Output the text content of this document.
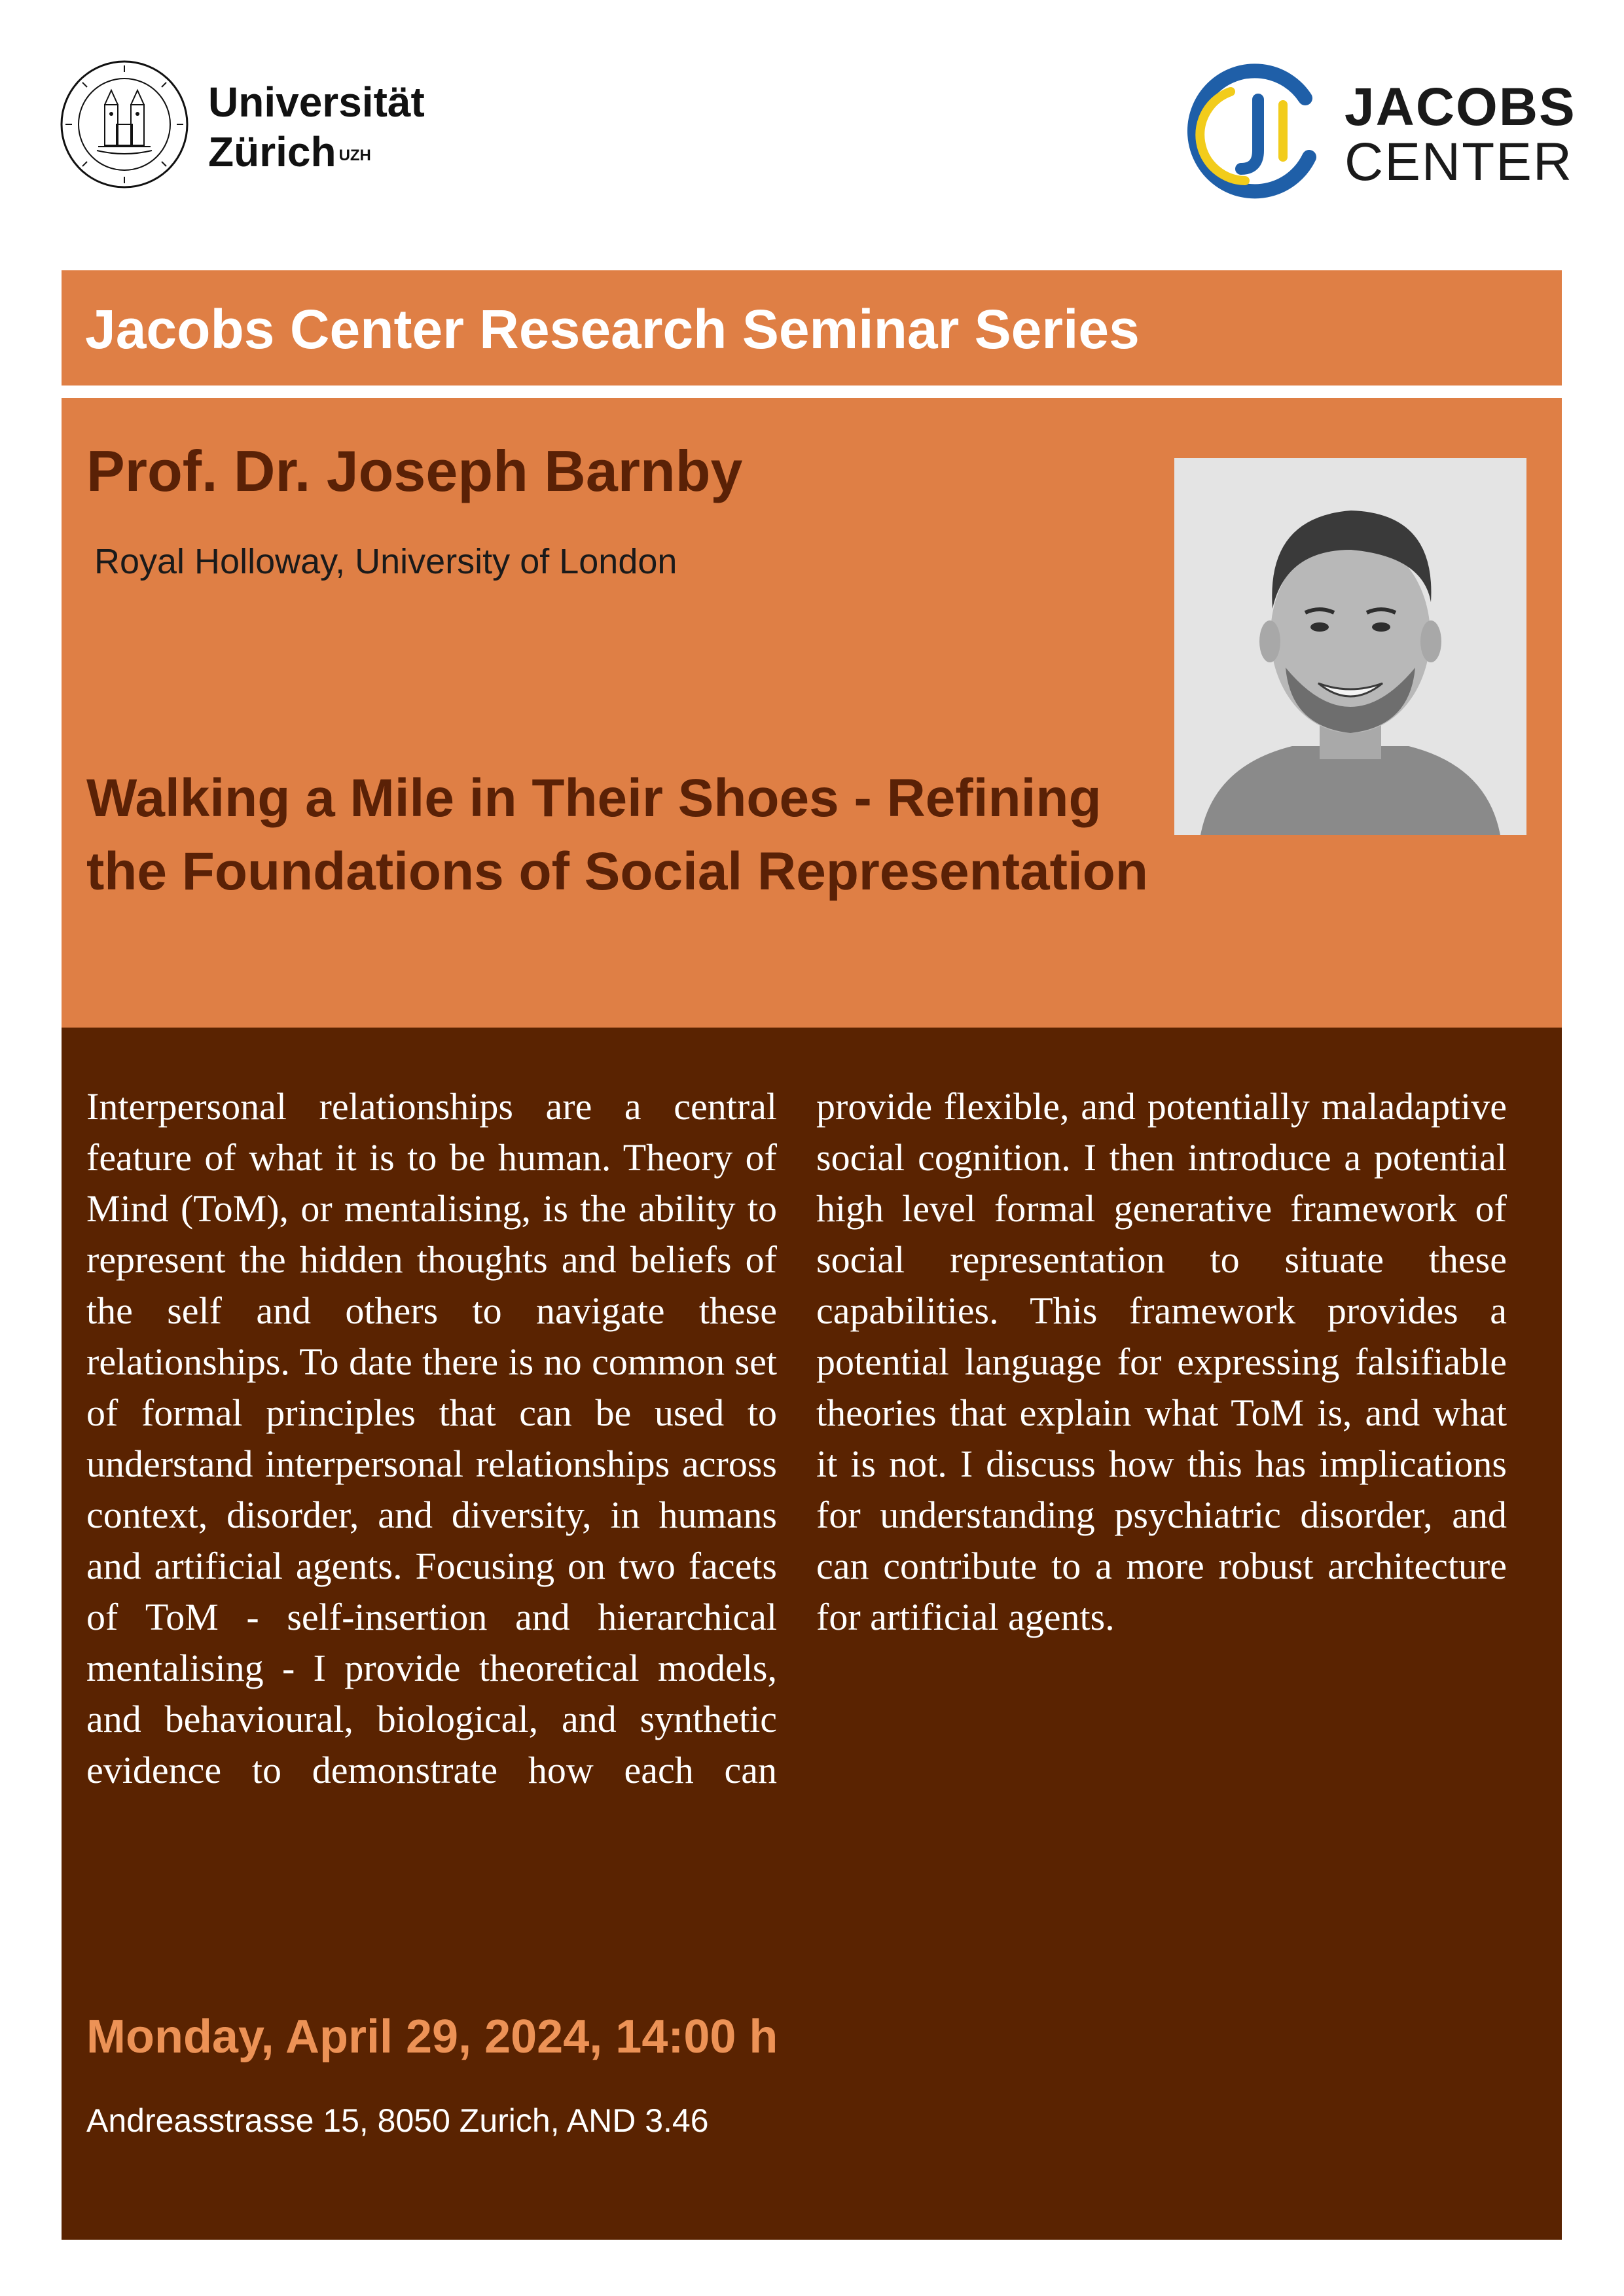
Universität
Zürich $^{UZH}$
JACOBS
CENTER
Jacobs Center Research Seminar Series
Prof. Dr. Joseph Barnby
Royal Holloway, University of London
Walking a Mile in Their Shoes - Refining
the Foundations of Social Representation
Interpersonal relationships are a central feature of what it is to be human. Theory of Mind (ToM), or mentalising, is the ability to represent the hidden thoughts and beliefs of the self and others to navigate these relationships. To date there is no common set of formal principles that can be used to understand interpersonal relationships across context, disorder, and diversity, in humans and artificial agents. Focusing on two facets of ToM - self-insertion and hierarchical mentalising - I provide theoretical models, and behavioural, biological, and synthetic evidence to demonstrate how each can provide flexible, and potentially maladaptive social cognition. I then introduce a potential high level formal generative framework of social representation to situate these capabilities. This framework provides a potential language for expressing falsifiable theories that explain what ToM is, and what it is not. I discuss how this has implications for understanding psychiatric disorder, and can contribute to a more robust architecture for artificial agents.
Monday, April 29, 2024, 14:00 h
Andreasstrasse 15, 8050 Zurich, AND 3.46
